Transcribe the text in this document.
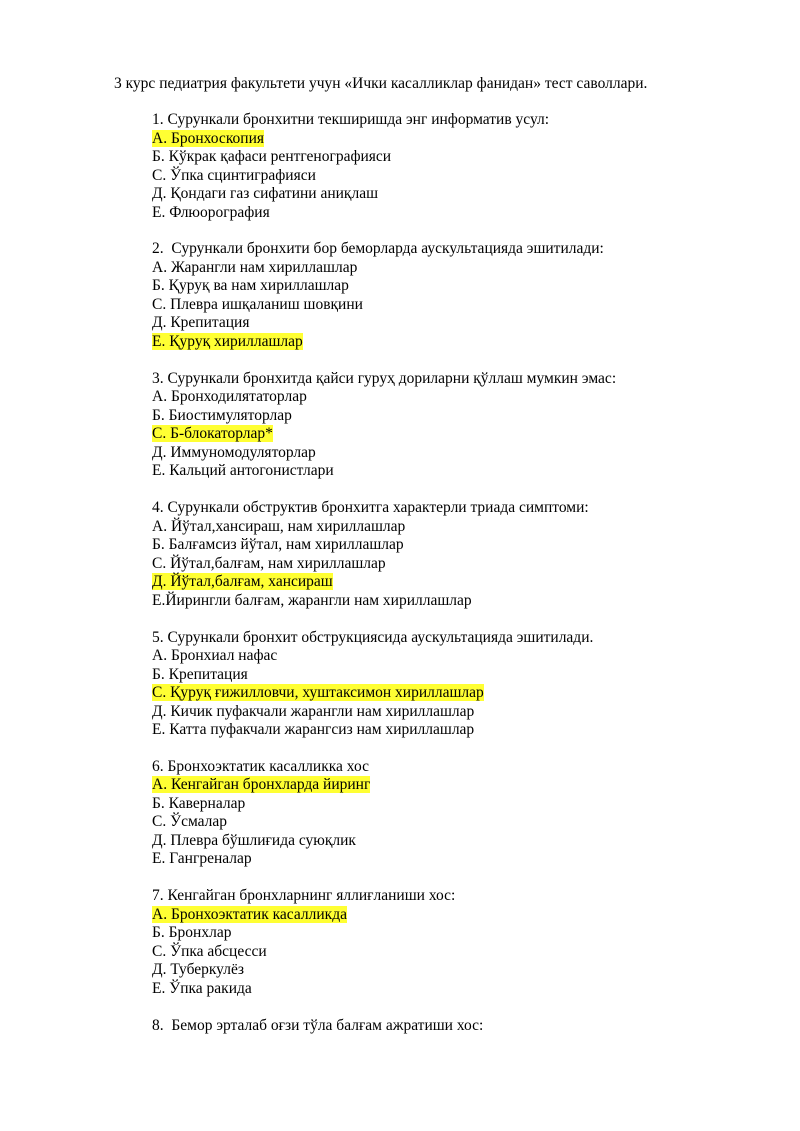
3 курс педиатрия факультети учун «Ички касалликлар фанидан» тест саволлари.
1. Сурункали бронхитни текширишда энг информатив усул:
А. Бронхоскопия
Б. Кўкрак қафаси рентгенографияси
С. Ўпка сцинтиграфияси
Д. Қондаги газ сифатини аниқлаш
Е. Флюорография
2.  Сурункали бронхити бор беморларда аускультацияда эшитилади:
А. Жарангли нам хириллашлар
Б. Қуруқ ва нам хириллашлар
С. Плевра ишқаланиш шовқини
Д. Крепитация
Е. Қуруқ хириллашлар
3. Сурункали бронхитда қайси гуруҳ дориларни қўллаш мумкин эмас:
А. Бронходилятаторлар
Б. Биостимуляторлар
С. Б-блокаторлар*
Д. Иммуномодуляторлар
Е. Кальций антогонистлари
4. Сурункали обструктив бронхитга характерли триада симптоми:
А. Йўтал,хансираш, нам хириллашлар
Б. Балғамсиз йўтал, нам хириллашлар
С. Йўтал,балғам, нам хириллашлар
Д. Йўтал,балғам, хансираш
Е.Йирингли балғам, жарангли нам хириллашлар
5. Сурункали бронхит обструкциясида аускультацияда эшитилади.
А. Бронхиал нафас
Б. Крепитация
С. Қуруқ ғижилловчи, хуштаксимон хириллашлар
Д. Кичик пуфакчали жарангли нам хириллашлар
Е. Катта пуфакчали жарангсиз нам хириллашлар
6. Бронхоэктатик касалликка хос
А. Кенгайган бронхларда йиринг
Б. Каверналар
С. Ўсмалар
Д. Плевра бўшлиғида суюқлик
Е. Гангреналар
7. Кенгайган бронхларнинг яллиғланиши хос:
А. Бронхоэктатик касалликда
Б. Бронхлар
С. Ўпка абсцесси
Д. Туберкулёз
Е. Ўпка ракида
8.  Бемор эрталаб оғзи тўла балғам ажратиши хос:
